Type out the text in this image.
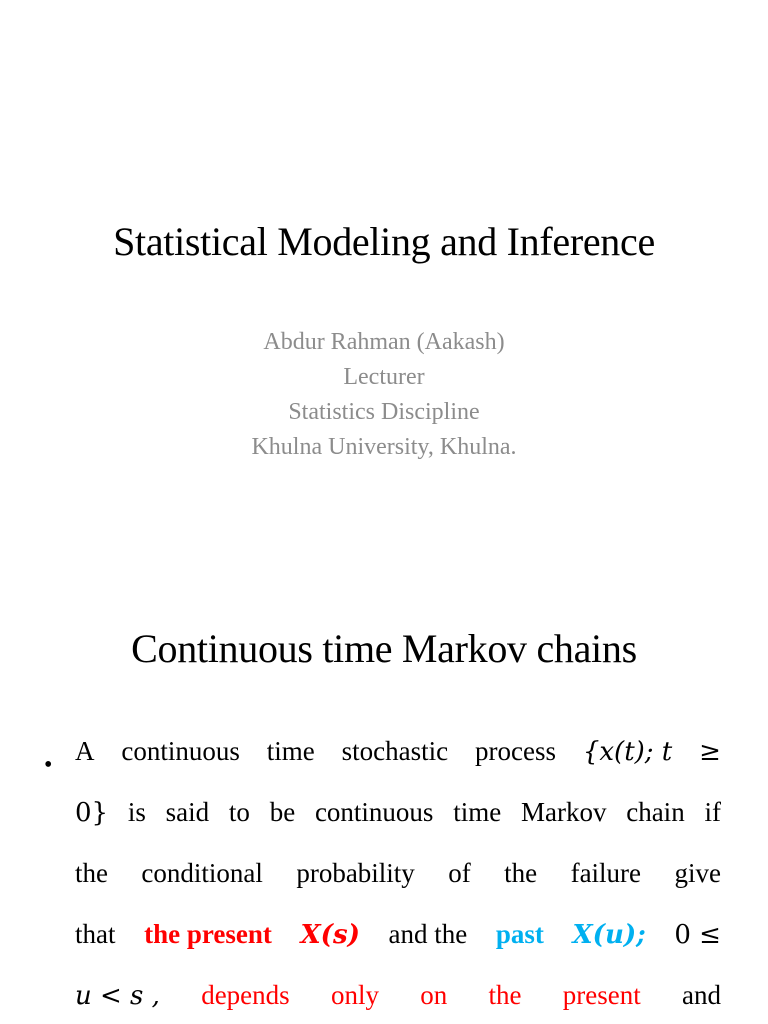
Statistical Modeling and Inference
Abdur Rahman (Aakash)
Lecturer
Statistics Discipline
Khulna University, Khulna.
Continuous time Markov chains
• A continuous time stochastic process {x(t); t ≥
0} is said to be continuous time Markov chain if
the conditional probability of the failure give
that the present X(s) and the past X(u); 0 ≤
u < s , depends only on the present and
